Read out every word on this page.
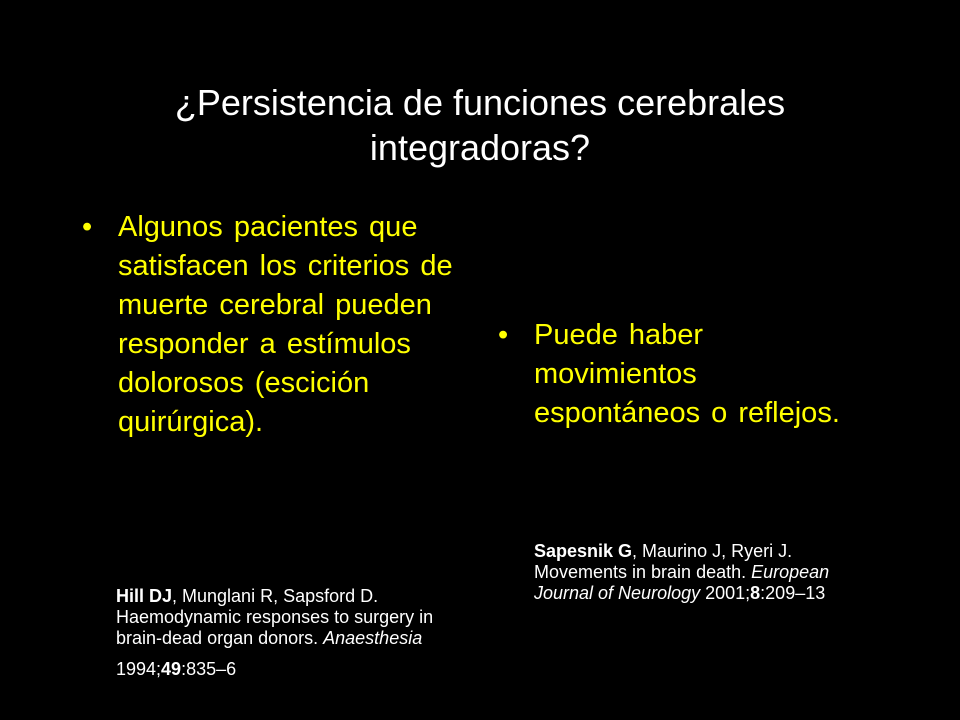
¿Persistencia de funciones cerebrales
integradoras?
• Algunos pacientes que satisfacen los criterios de muerte cerebral pueden responder a estímulos dolorosos (escición quirúrgica).
Hill DJ, Munglani R, Sapsford D. Haemodynamic responses to surgery in brain-dead organ donors. Anaesthesia
1994;49:835–6
• Puede haber movimientos espontáneos o reflejos.
Sapesnik G, Maurino J, Ryeri J. Movements in brain death. European Journal of Neurology 2001;8:209–13
